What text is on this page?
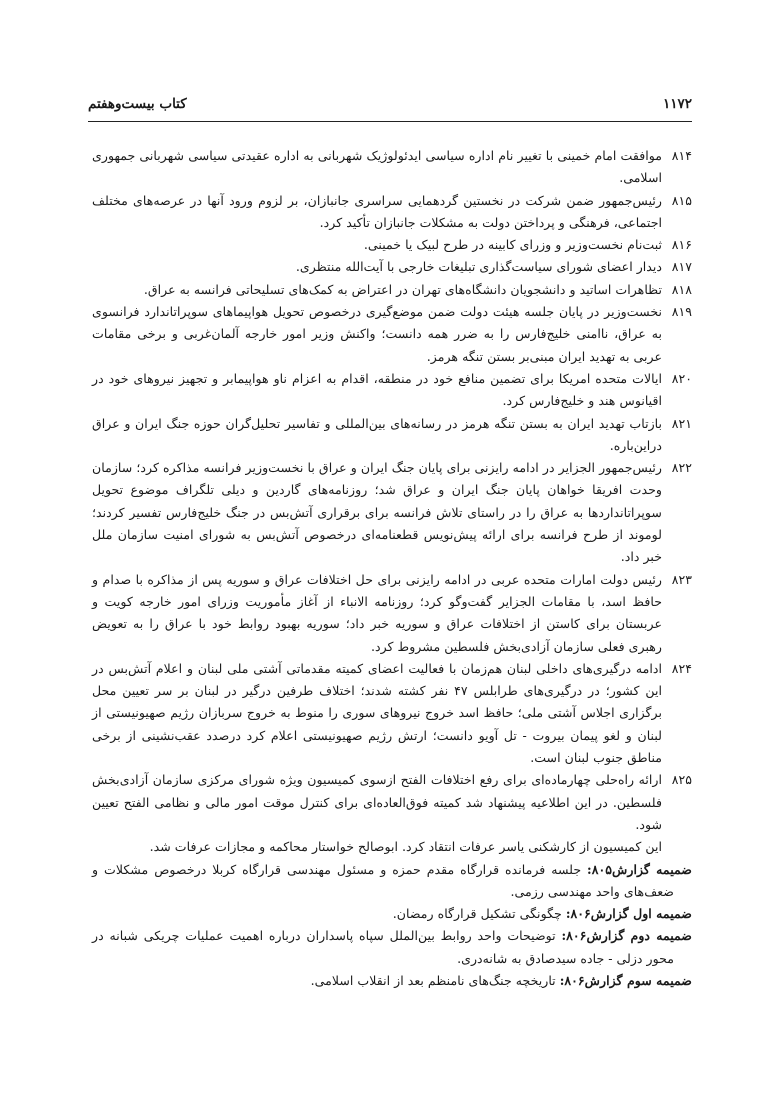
۱۱۷۲
کتاب بیست‌وهفتم

۸۱۴
موافقت امام خمینی با تغییر نام اداره سیاسی ایدئولوژیک شهربانی به اداره عقیدتی سیاسی شهربانی جمهوری اسلامی.

۸۱۵
رئیس‌جمهور ضمن شرکت در نخستین گردهمایی سراسری جانبازان، بر لزوم ورود آنها در عرصه‌های مختلف اجتماعی، فرهنگی و پرداختن دولت به مشکلات جانبازان تأکید کرد.

۸۱۶
ثبت‌نام نخست‌وزیر و وزرای کابینه در طرح لبیک یا خمینی.

۸۱۷
دیدار اعضای شورای سیاست‌گذاری تبلیغات خارجی با آیت‌الله منتظری.

۸۱۸
تظاهرات اساتید و دانشجویان دانشگاه‌های تهران در اعتراض به کمک‌های تسلیحاتی فرانسه به عراق.

۸۱۹
نخست‌وزیر در پایان جلسه هیئت دولت ضمن موضع‌گیری درخصوص تحویل هواپیماهای سوپراتاندارد فرانسوی به عراق، ناامنی خلیج‌فارس را به ضرر همه دانست؛ واکنش وزیر امور خارجه آلمان‌غربی و برخی مقامات عربی به تهدید ایران مبنی‌بر بستن تنگه هرمز.

۸۲۰
ایالات متحده امریکا برای تضمین منافع خود در منطقه، اقدام به اعزام ناو هواپیمابر و تجهیز نیروهای خود در اقیانوس هند و خلیج‌فارس کرد.

۸۲۱
بازتاب تهدید ایران به بستن تنگه هرمز در رسانه‌های بین‌المللی و تفاسیر تحلیل‌گران حوزه جنگ ایران و عراق دراین‌باره.

۸۲۲
رئیس‌جمهور الجزایر در ادامه رایزنی برای پایان جنگ ایران و عراق با نخست‌وزیر فرانسه مذاکره کرد؛ سازمان وحدت افریقا خواهان پایان جنگ ایران و عراق شد؛ روزنامه‌های گاردین و دیلی تلگراف موضوع تحویل سوپراتاندارد‌ها به عراق را در راستای تلاش فرانسه برای برقراری آتش‌بس در جنگ خلیج‌فارس تفسیر کردند؛ لوموند از طرح فرانسه برای ارائه پیش‌نویس قطعنامه‌ای درخصوص آتش‌بس به شورای امنیت سازمان ملل خبر داد.

۸۲۳
رئیس دولت امارات متحده عربی در ادامه رایزنی برای حل اختلافات عراق و سوریه پس از مذاکره با صدام و حافظ اسد، با مقامات الجزایر گفت‌وگو کرد؛ روزنامه الانباء از آغاز مأموریت وزرای امور خارجه کویت و عربستان برای کاستن از اختلافات عراق و سوریه خبر داد؛ سوریه بهبود روابط خود با عراق را به تعویض رهبری فعلی سازمان آزادی‌بخش فلسطین مشروط کرد.

۸۲۴
ادامه درگیری‌های داخلی لبنان هم‌زمان با فعالیت اعضای کمیته مقدماتی آشتی ملی لبنان و اعلام آتش‌بس در این کشور؛ در درگیری‌های طرابلس ۴۷ نفر کشته شدند؛ اختلاف طرفین درگیر در لبنان بر سر تعیین محل برگزاری اجلاس آشتی ملی؛ حافظ اسد خروج نیروهای سوری را منوط به خروج سربازان رژیم صهیونیستی از لبنان و لغو پیمان بیروت - تل آویو دانست؛ ارتش رژیم صهیونیستی اعلام کرد درصدد عقب‌نشینی از برخی مناطق جنوب لبنان است.

۸۲۵
ارائه راه‌حلی چهارماده‌ای برای رفع اختلافات الفتح ازسوی کمیسیون ویژه شورای مرکزی سازمان آزادی‌بخش فلسطین. در این اطلاعیه پیشنهاد شد کمیته فوق‌العاده‌ای برای کنترل موقت امور مالی و نظامی الفتح تعیین شود.

این کمیسیون از کارشکنی یاسر عرفات انتقاد کرد. ابوصالح خواستار محاکمه و مجازات عرفات شد.

ضمیمه گزارش۸۰۵: جلسه فرمانده قرارگاه مقدم حمزه و مسئول مهندسی قرارگاه کربلا درخصوص مشکلات و ضعف‌های واحد مهندسی رزمی.

ضمیمه اول گزارش۸۰۶: چگونگی تشکیل قرارگاه رمضان.

ضمیمه دوم گزارش۸۰۶: توضیحات واحد روابط بین‌الملل سپاه پاسداران درباره اهمیت عملیات چریکی شبانه در محور دزلی - جاده سیدصادق به شانه‌دری.

ضمیمه سوم گزارش۸۰۶: تاریخچه جنگ‌های نامنظم بعد از انقلاب اسلامی.
